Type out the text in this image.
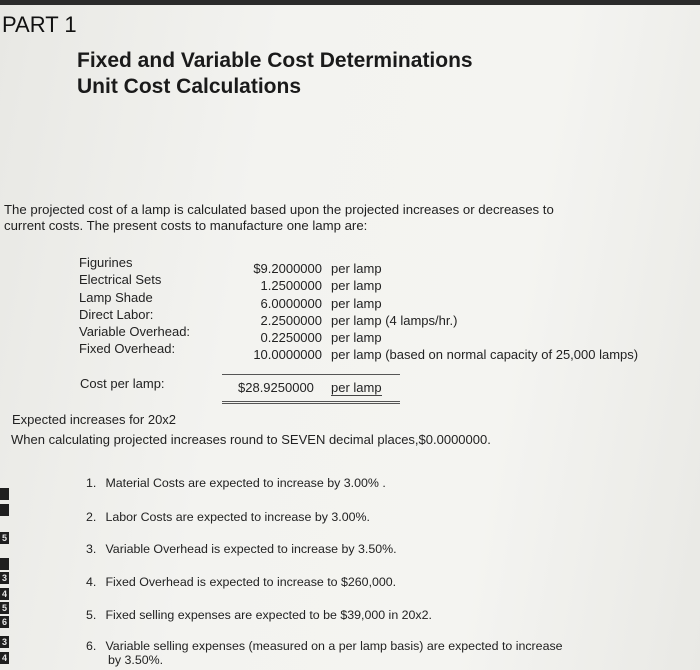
PART 1
Fixed and Variable Cost Determinations
Unit Cost Calculations
The projected cost of a lamp is calculated based upon the projected increases or decreases to
current costs. The present costs to manufacture one lamp are:
Figurines
Electrical Sets
Lamp Shade
Direct Labor:
Variable Overhead:
Fixed Overhead:
$9.2000000
1.2500000
6.0000000
2.2500000
0.2250000
10.0000000
per lamp
per lamp
per lamp
per lamp (4 lamps/hr.)
per lamp
per lamp (based on normal capacity of 25,000 lamps)
Cost per lamp:	$28.9250000 per lamp
Expected increases for 20x2
When calculating projected increases round to SEVEN decimal places,$0.0000000.
1. Material Costs are expected to increase by 3.00% .
2. Labor Costs are expected to increase by 3.00%.
3. Variable Overhead is expected to increase by 3.50%.
4. Fixed Overhead is expected to increase to $260,000.
5. Fixed selling expenses are expected to be $39,000 in 20x2.
6. Variable selling expenses (measured on a per lamp basis) are expected to increase
by 3.50%.
5
3
4
5
6
3
4
